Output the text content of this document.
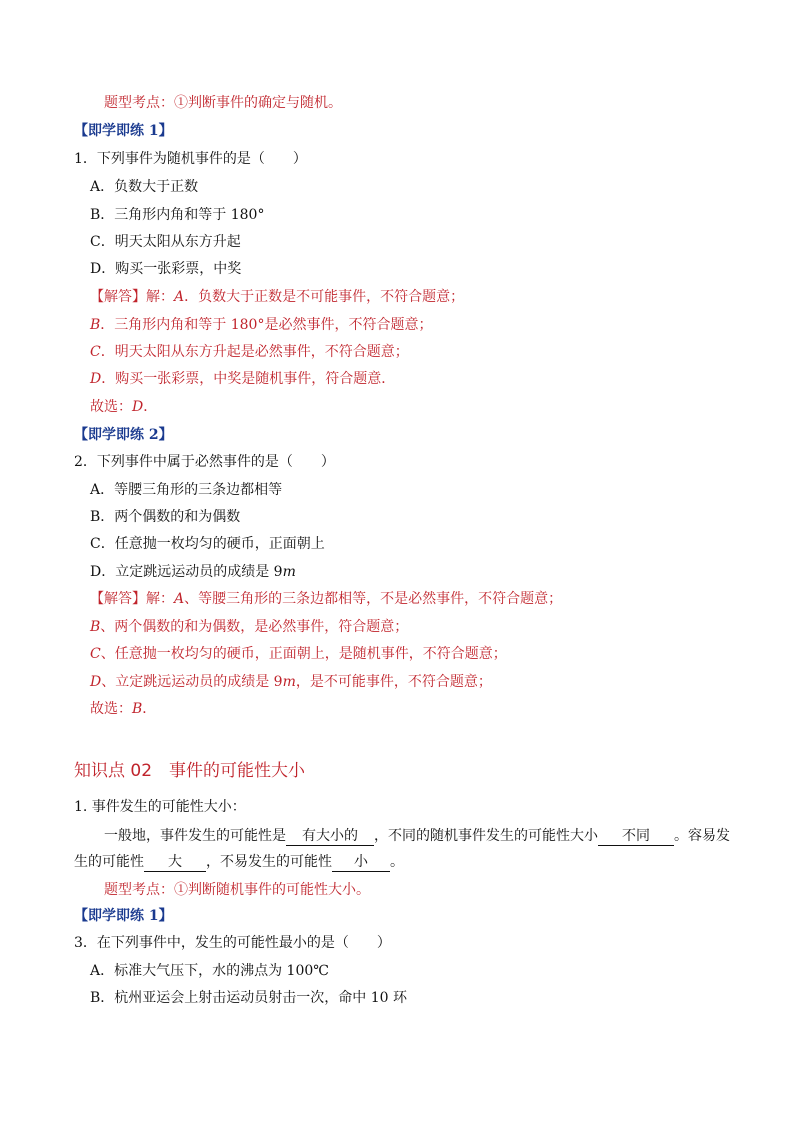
题型考点：①判断事件的确定与随机。
【即学即练 1】
1．下列事件为随机事件的是（　　）
A．负数大于正数
B．三角形内角和等于 180°
C．明天太阳从东方升起
D．购买一张彩票，中奖
【解答】解：A．负数大于正数是不可能事件，不符合题意；
B．三角形内角和等于 180°是必然事件，不符合题意；
C．明天太阳从东方升起是必然事件，不符合题意；
D．购买一张彩票，中奖是随机事件，符合题意．
故选：D．
【即学即练 2】
2．下列事件中属于必然事件的是（　　）
A．等腰三角形的三条边都相等
B．两个偶数的和为偶数
C．任意抛一枚均匀的硬币，正面朝上
D．立定跳远运动员的成绩是 9m
【解答】解：A、等腰三角形的三条边都相等，不是必然事件，不符合题意；
B、两个偶数的和为偶数，是必然事件，符合题意；
C、任意抛一枚均匀的硬币，正面朝上，是随机事件，不符合题意；
D、立定跳远运动员的成绩是 9m，是不可能事件，不符合题意；
故选：B．
知识点 02　事件的可能性大小
1. 事件发生的可能性大小：
一般地，事件发生的可能性是 有大小的 ，不同的随机事件发生的可能性大小 不同 。容易发
生的可能性 大 ，不易发生的可能性 小 。
题型考点：①判断随机事件的可能性大小。
【即学即练 1】
3．在下列事件中，发生的可能性最小的是（　　）
A．标准大气压下，水的沸点为 100℃
B．杭州亚运会上射击运动员射击一次，命中 10 环
